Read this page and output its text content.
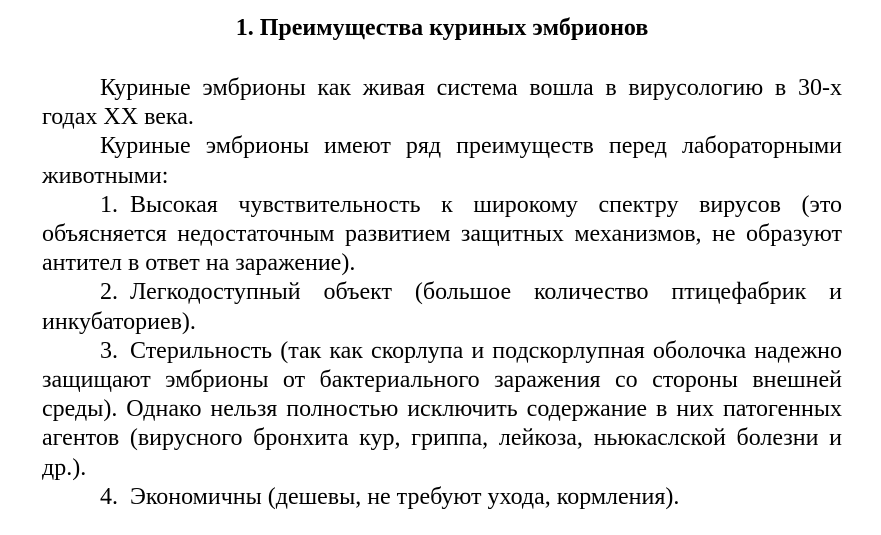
1. Преимущества куриных эмбрионов

Куриные эмбрионы как живая система вошла в вирусологию в 30-х годах XX века.

Куриные эмбрионы имеют ряд преимуществ перед лабораторными животными:

1. Высокая чувствительность к широкому спектру вирусов (это объясняется недостаточным развитием защитных механизмов, не образуют антител в ответ на заражение).

2. Легкодоступный объект (большое количество птицефабрик и инкубаториев).

3. Стерильность (так как скорлупа и подскорлупная оболочка надежно защищают эмбрионы от бактериального заражения со стороны внешней среды). Однако нельзя полностью исключить содержание в них патогенных агентов (вирусного бронхита кур, гриппа, лейкоза, ньюкаслской болезни и др.).

4. Экономичны (дешевы, не требуют ухода, кормления).
